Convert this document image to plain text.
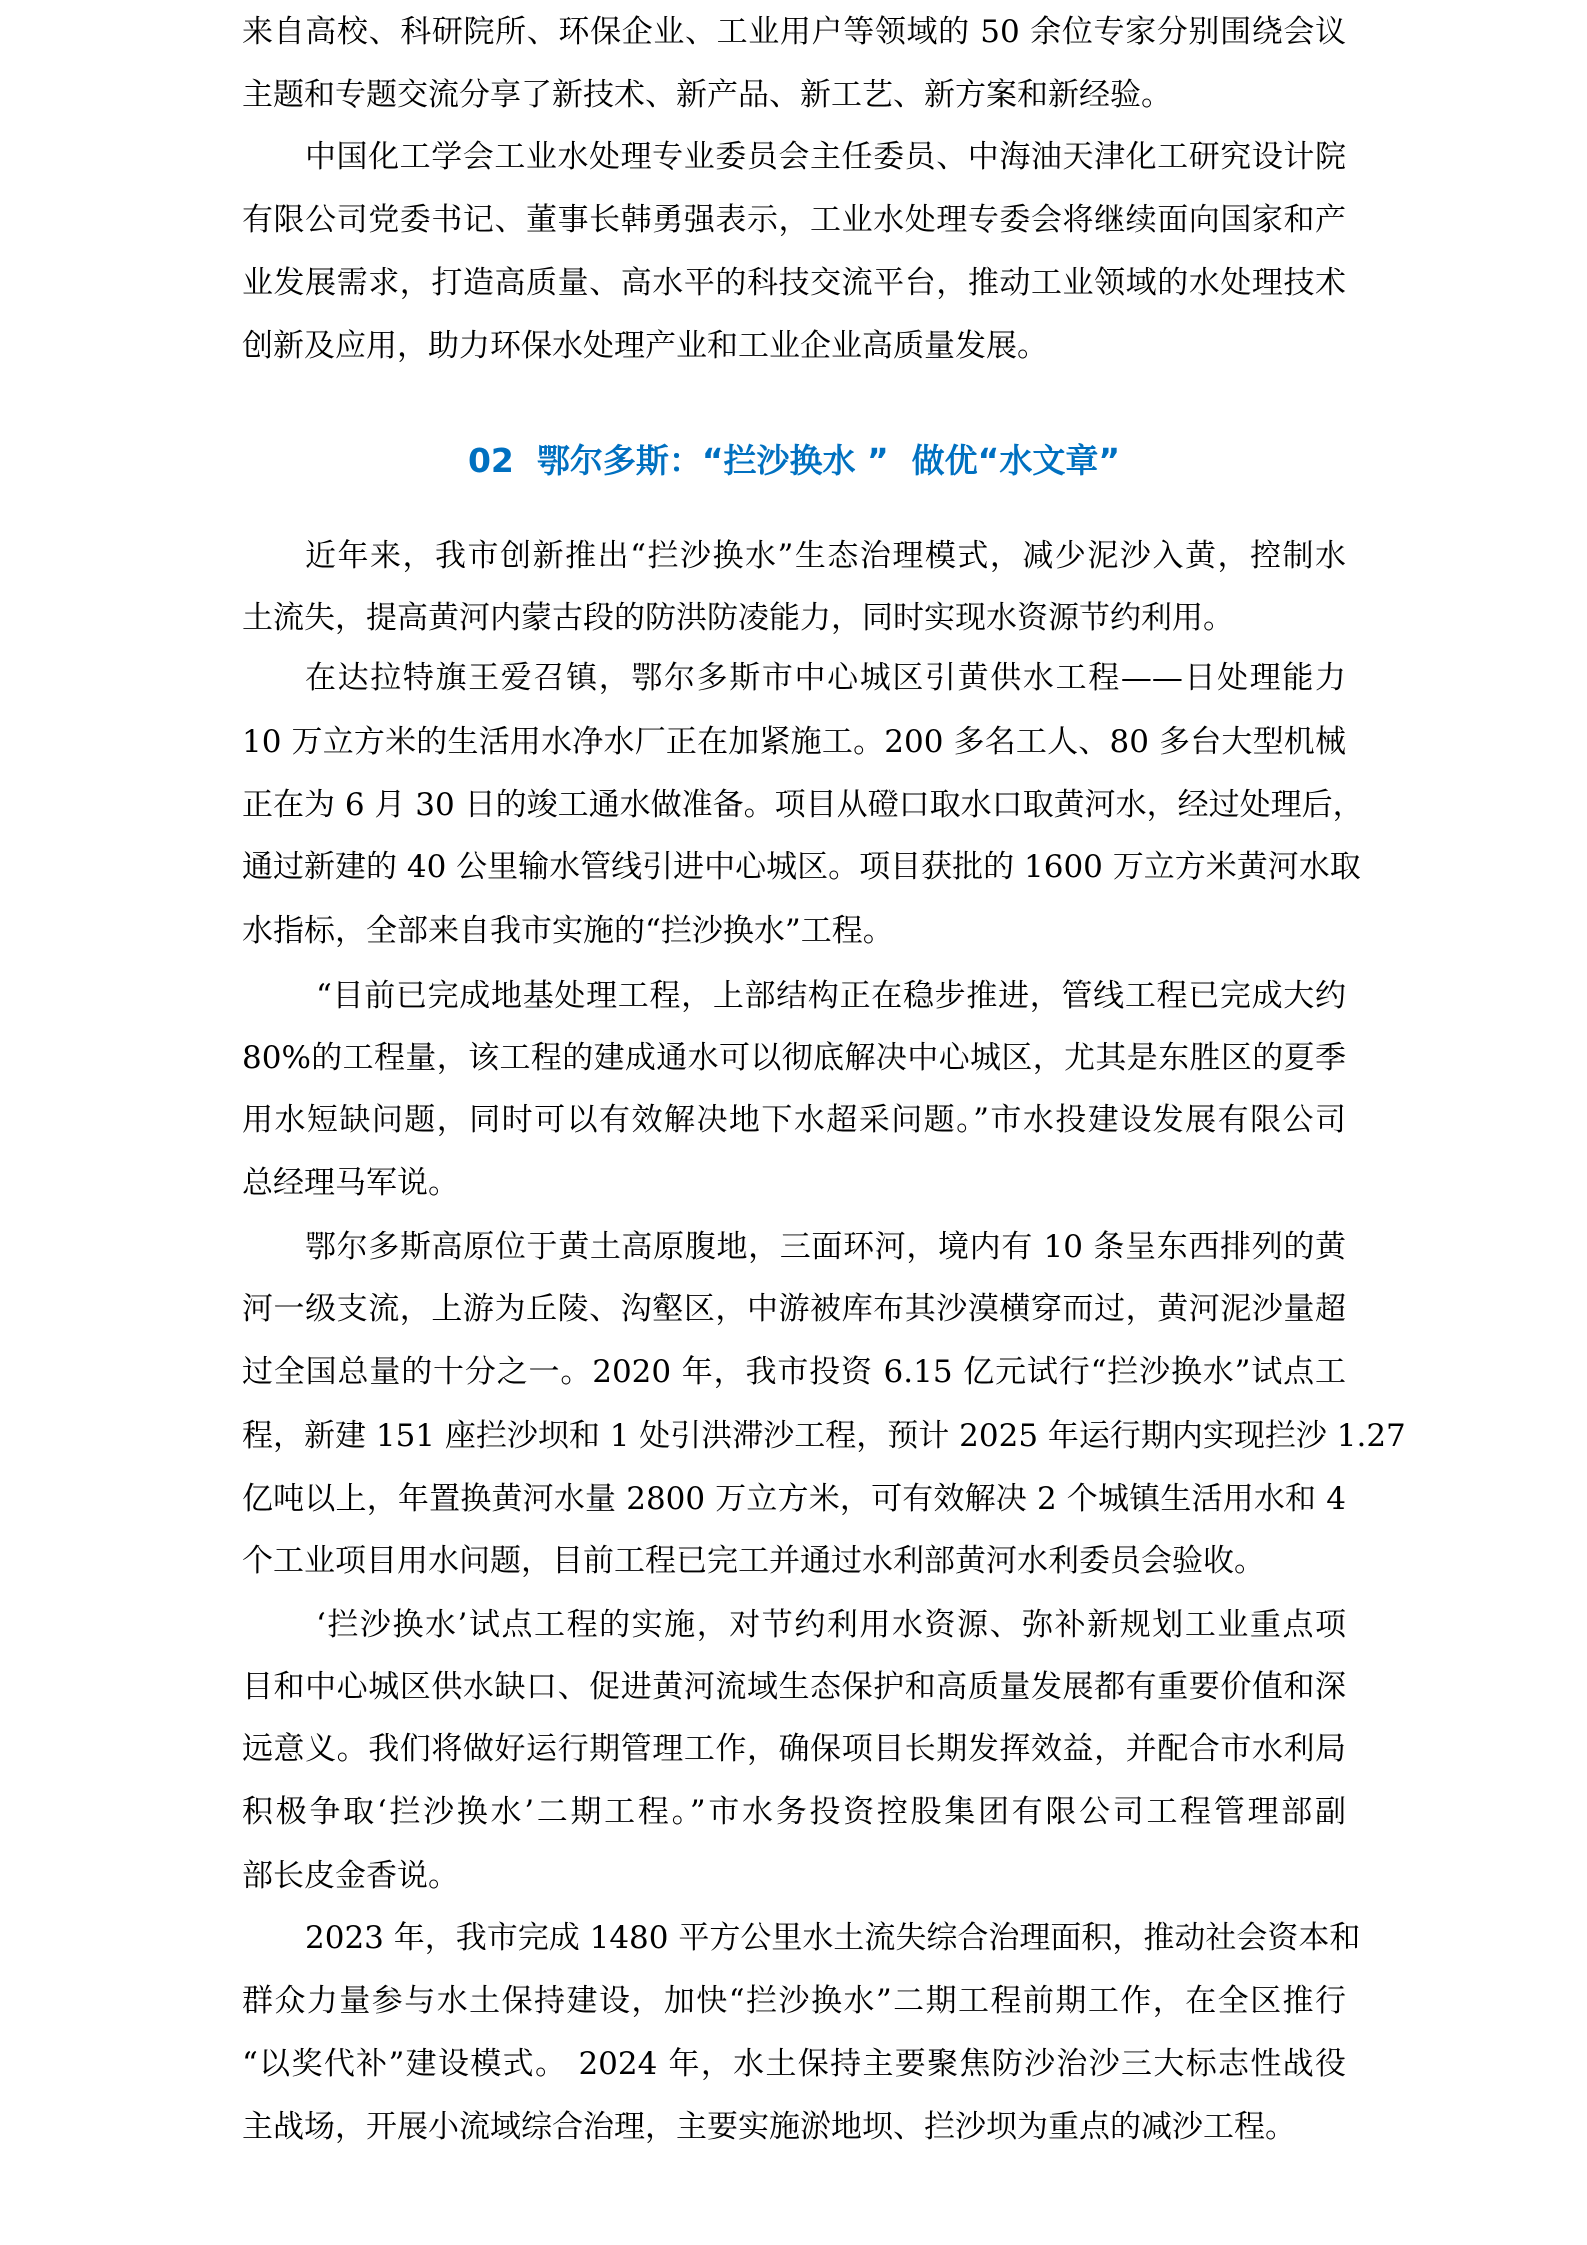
来自高校、科研院所、环保企业、工业用户等领域的 50 余位专家分别围绕会议
主题和专题交流分享了新技术、新产品、新工艺、新方案和新经验。
中国化工学会工业水处理专业委员会主任委员、中海油天津化工研究设计院
有限公司党委书记、董事长韩勇强表示，工业水处理专委会将继续面向国家和产
业发展需求，打造高质量、高水平的科技交流平台，推动工业领域的水处理技术
创新及应用，助力环保水处理产业和工业企业高质量发展。
02  鄂尔多斯：“拦沙换水 ”  做优“水文章”
近年来，我市创新推出“拦沙换水”生态治理模式，减少泥沙入黄，控制水
土流失，提高黄河内蒙古段的防洪防凌能力，同时实现水资源节约利用。
在达拉特旗王爱召镇，鄂尔多斯市中心城区引黄供水工程——日处理能力
10 万立方米的生活用水净水厂正在加紧施工。200 多名工人、80 多台大型机械
正在为 6 月 30 日的竣工通水做准备。项目从磴口取水口取黄河水，经过处理后，
通过新建的 40 公里输水管线引进中心城区。项目获批的 1600 万立方米黄河水取
水指标，全部来自我市实施的“拦沙换水”工程。
“目前已完成地基处理工程，上部结构正在稳步推进，管线工程已完成大约
80%的工程量，该工程的建成通水可以彻底解决中心城区，尤其是东胜区的夏季
用水短缺问题，同时可以有效解决地下水超采问题。”市水投建设发展有限公司
总经理马军说。
鄂尔多斯高原位于黄土高原腹地，三面环河，境内有 10 条呈东西排列的黄
河一级支流，上游为丘陵、沟壑区，中游被库布其沙漠横穿而过，黄河泥沙量超
过全国总量的十分之一。2020 年，我市投资 6.15 亿元试行“拦沙换水”试点工
程，新建 151 座拦沙坝和 1 处引洪滞沙工程，预计 2025 年运行期内实现拦沙 1.27
亿吨以上，年置换黄河水量 2800 万立方米，可有效解决 2 个城镇生活用水和 4
个工业项目用水问题，目前工程已完工并通过水利部黄河水利委员会验收。
‘拦沙换水’试点工程的实施，对节约利用水资源、弥补新规划工业重点项
目和中心城区供水缺口、促进黄河流域生态保护和高质量发展都有重要价值和深
远意义。我们将做好运行期管理工作，确保项目长期发挥效益，并配合市水利局
积极争取‘拦沙换水’二期工程。”市水务投资控股集团有限公司工程管理部副
部长皮金香说。
2023 年，我市完成 1480 平方公里水土流失综合治理面积，推动社会资本和
群众力量参与水土保持建设，加快“拦沙换水”二期工程前期工作，在全区推行
“以奖代补”建设模式。 2024 年，水土保持主要聚焦防沙治沙三大标志性战役
主战场，开展小流域综合治理，主要实施淤地坝、拦沙坝为重点的减沙工程。
